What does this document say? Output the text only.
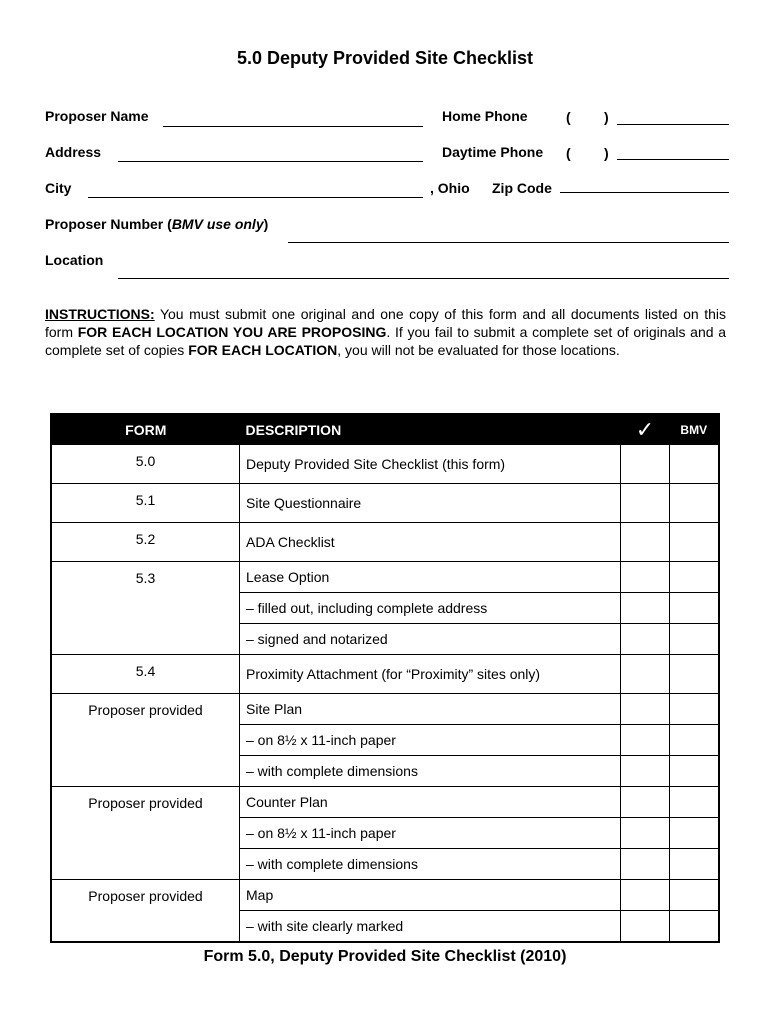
5.0 Deputy Provided Site Checklist
Proposer Name	Home Phone	( )
Address	Daytime Phone ( )
City	, Ohio Zip Code
Proposer Number (BMV use only)
Location
INSTRUCTIONS: You must submit one original and one copy of this form and all documents listed on this form FOR EACH LOCATION YOU ARE PROPOSING. If you fail to submit a complete set of originals and a complete set of copies FOR EACH LOCATION, you will not be evaluated for those locations.
FORM	DESCRIPTION	✓	BMV
5.0	Deputy Provided Site Checklist (this form)		
5.1	Site Questionnaire		
5.2	ADA Checklist		
5.3	Lease Option		
	– filled out, including complete address		
	– signed and notarized		
5.4	Proximity Attachment (for “Proximity” sites only)		
Proposer provided	Site Plan		
	– on 8½ x 11-inch paper		
	– with complete dimensions		
Proposer provided	Counter Plan		
	– on 8½ x 11-inch paper		
	– with complete dimensions		
Proposer provided	Map		
	– with site clearly marked		
Form 5.0, Deputy Provided Site Checklist (2010)
